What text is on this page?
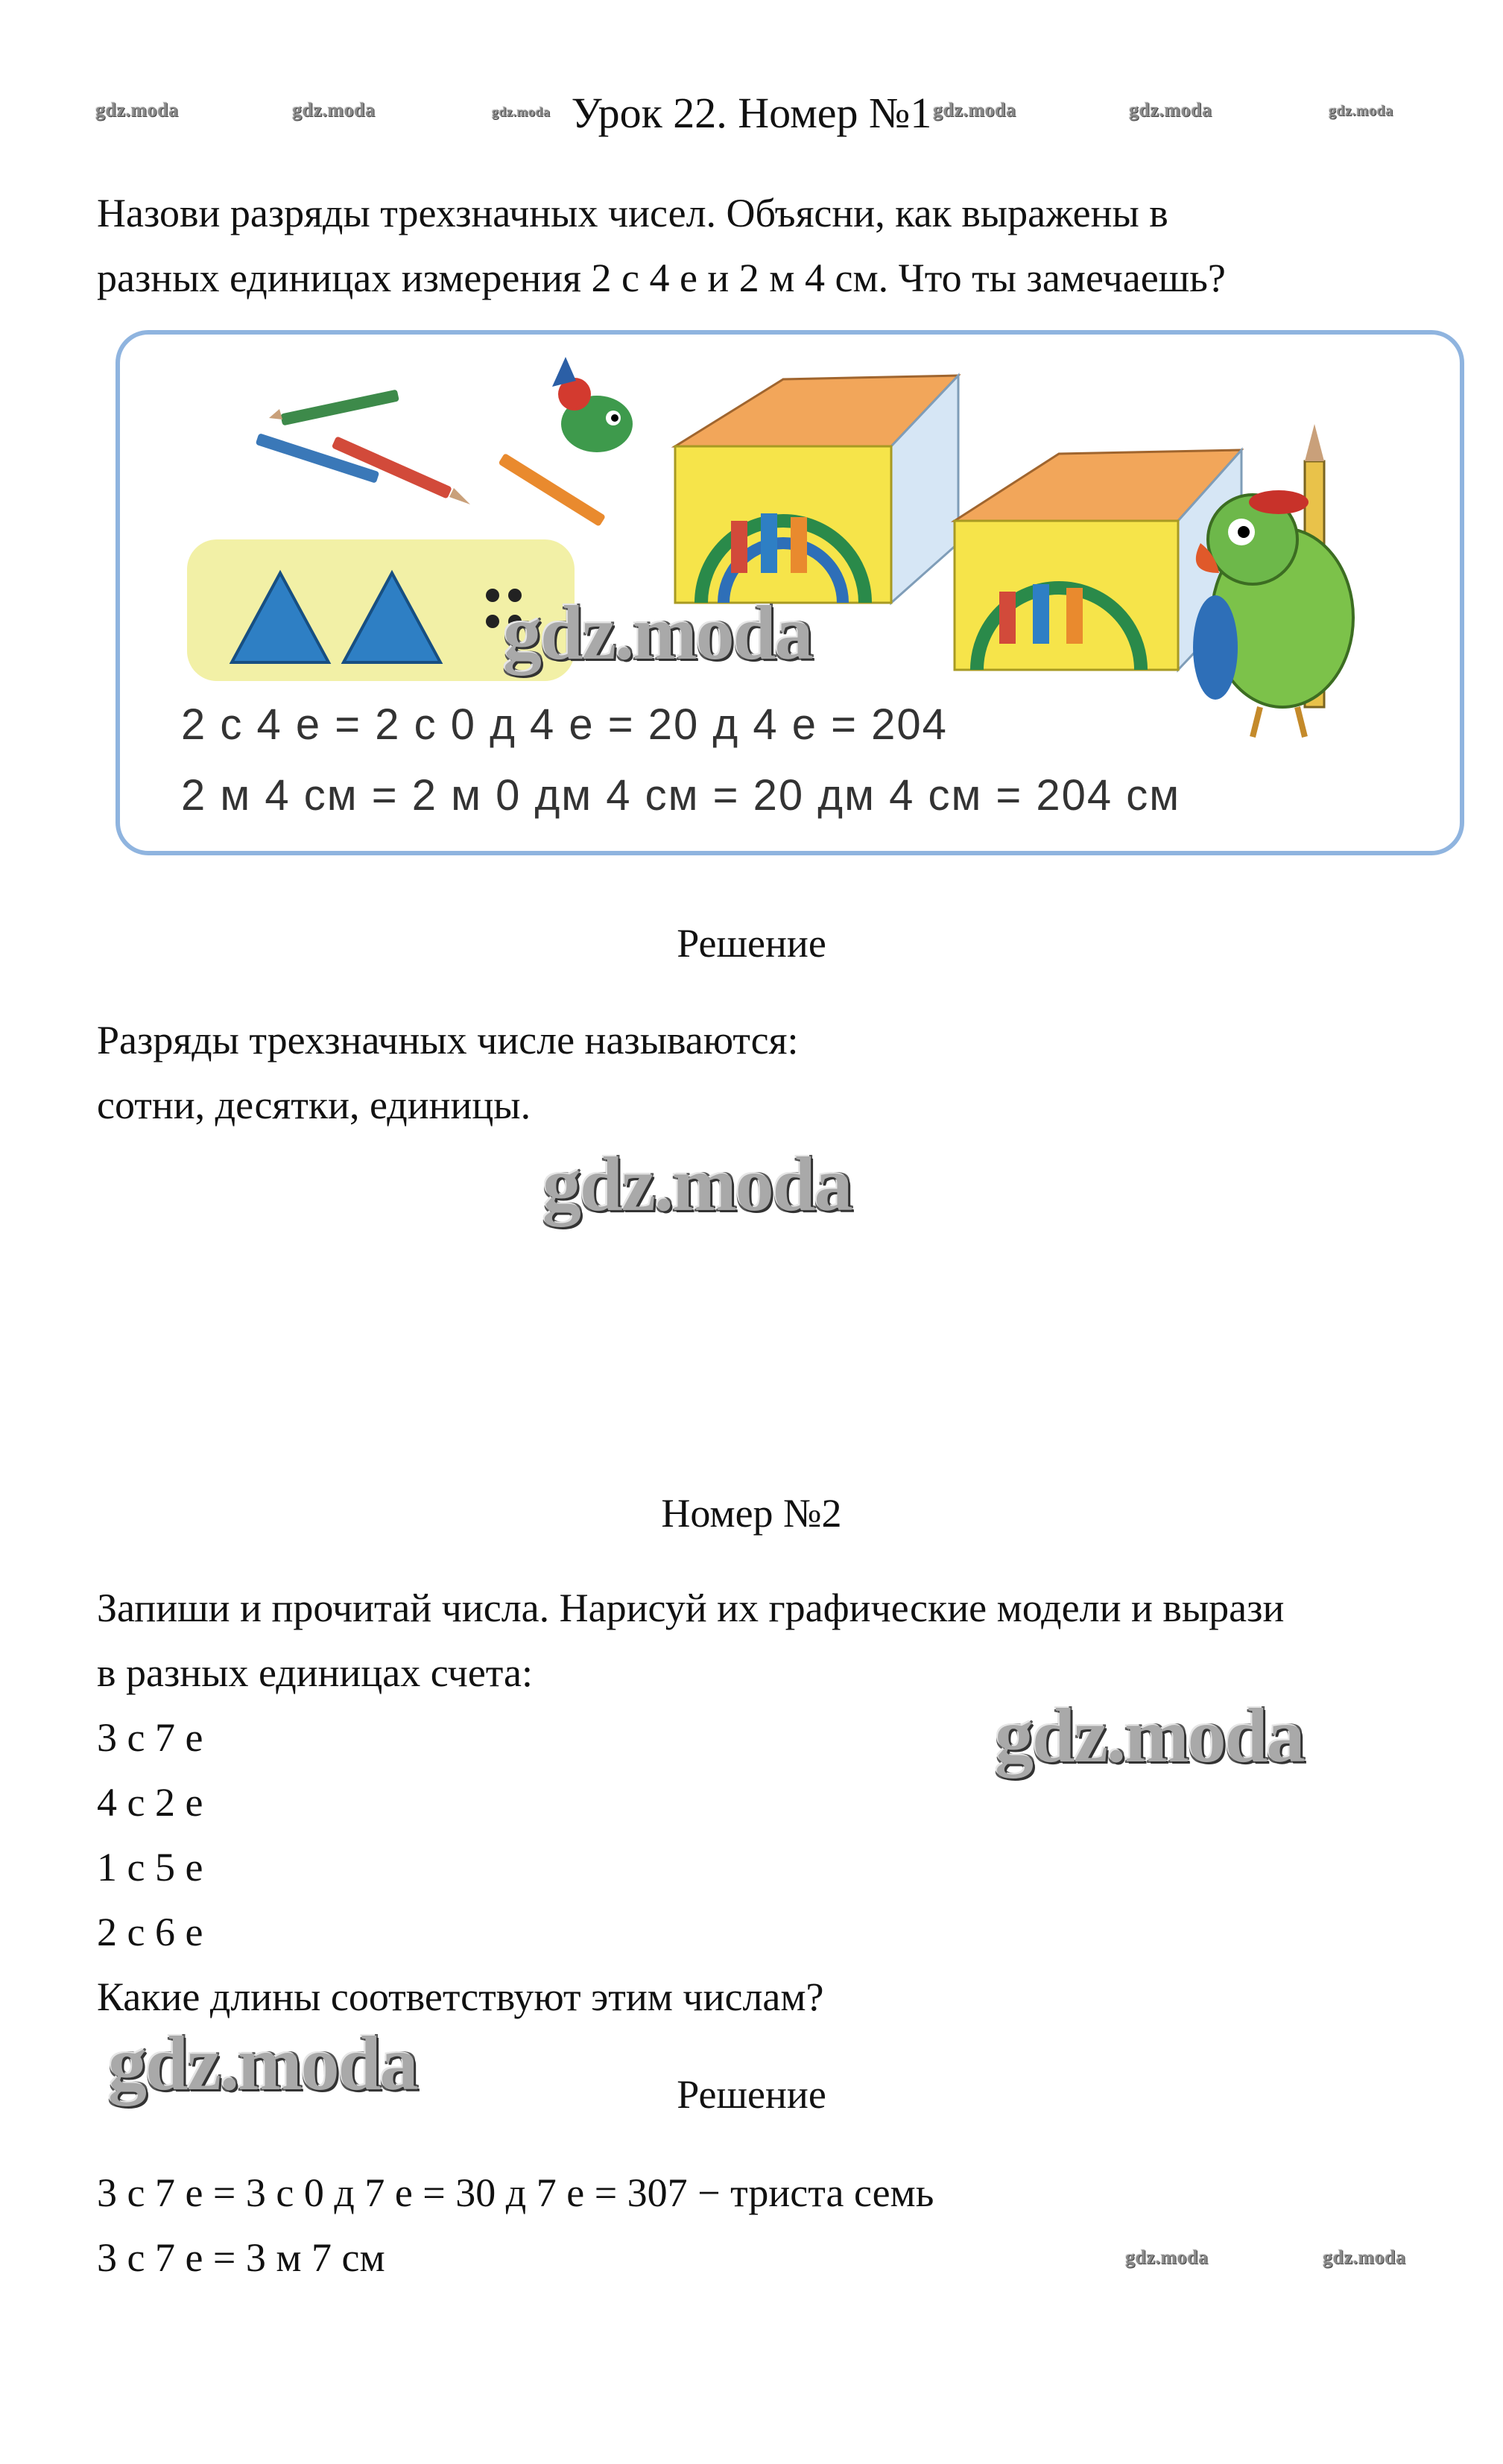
gdz.moda	gdz.moda	gdz.moda	gdz.moda	gdz.moda	gdz.moda
Урок 22. Номер №1
Назови разряды трехзначных чисел. Объясни, как выражены в
разных единицах измерения 2 с 4 е и 2 м 4 см. Что ты замечаешь?
2 с 4 е = 2 с 0 д 4 е = 20 д 4 е = 204
2 м 4 см = 2 м 0 дм 4 см = 20 дм 4 см = 204 см
gdz.moda
Решение
Разряды трехзначных числе называются:
сотни, десятки, единицы.
gdz.moda
Номер №2
Запиши и прочитай числа. Нарисуй их графические модели и вырази
в разных единицах счета:
3 с 7 е
4 с 2 е
1 с 5 е
2 с 6 е
Какие длины соответствуют этим числам?
gdz.moda
gdz.moda	Решение
3 с 7 е = 3 с 0 д 7 е = 30 д 7 е = 307 − триста семь
3 с 7 е = 3 м 7 см	gdz.moda	gdz.moda
